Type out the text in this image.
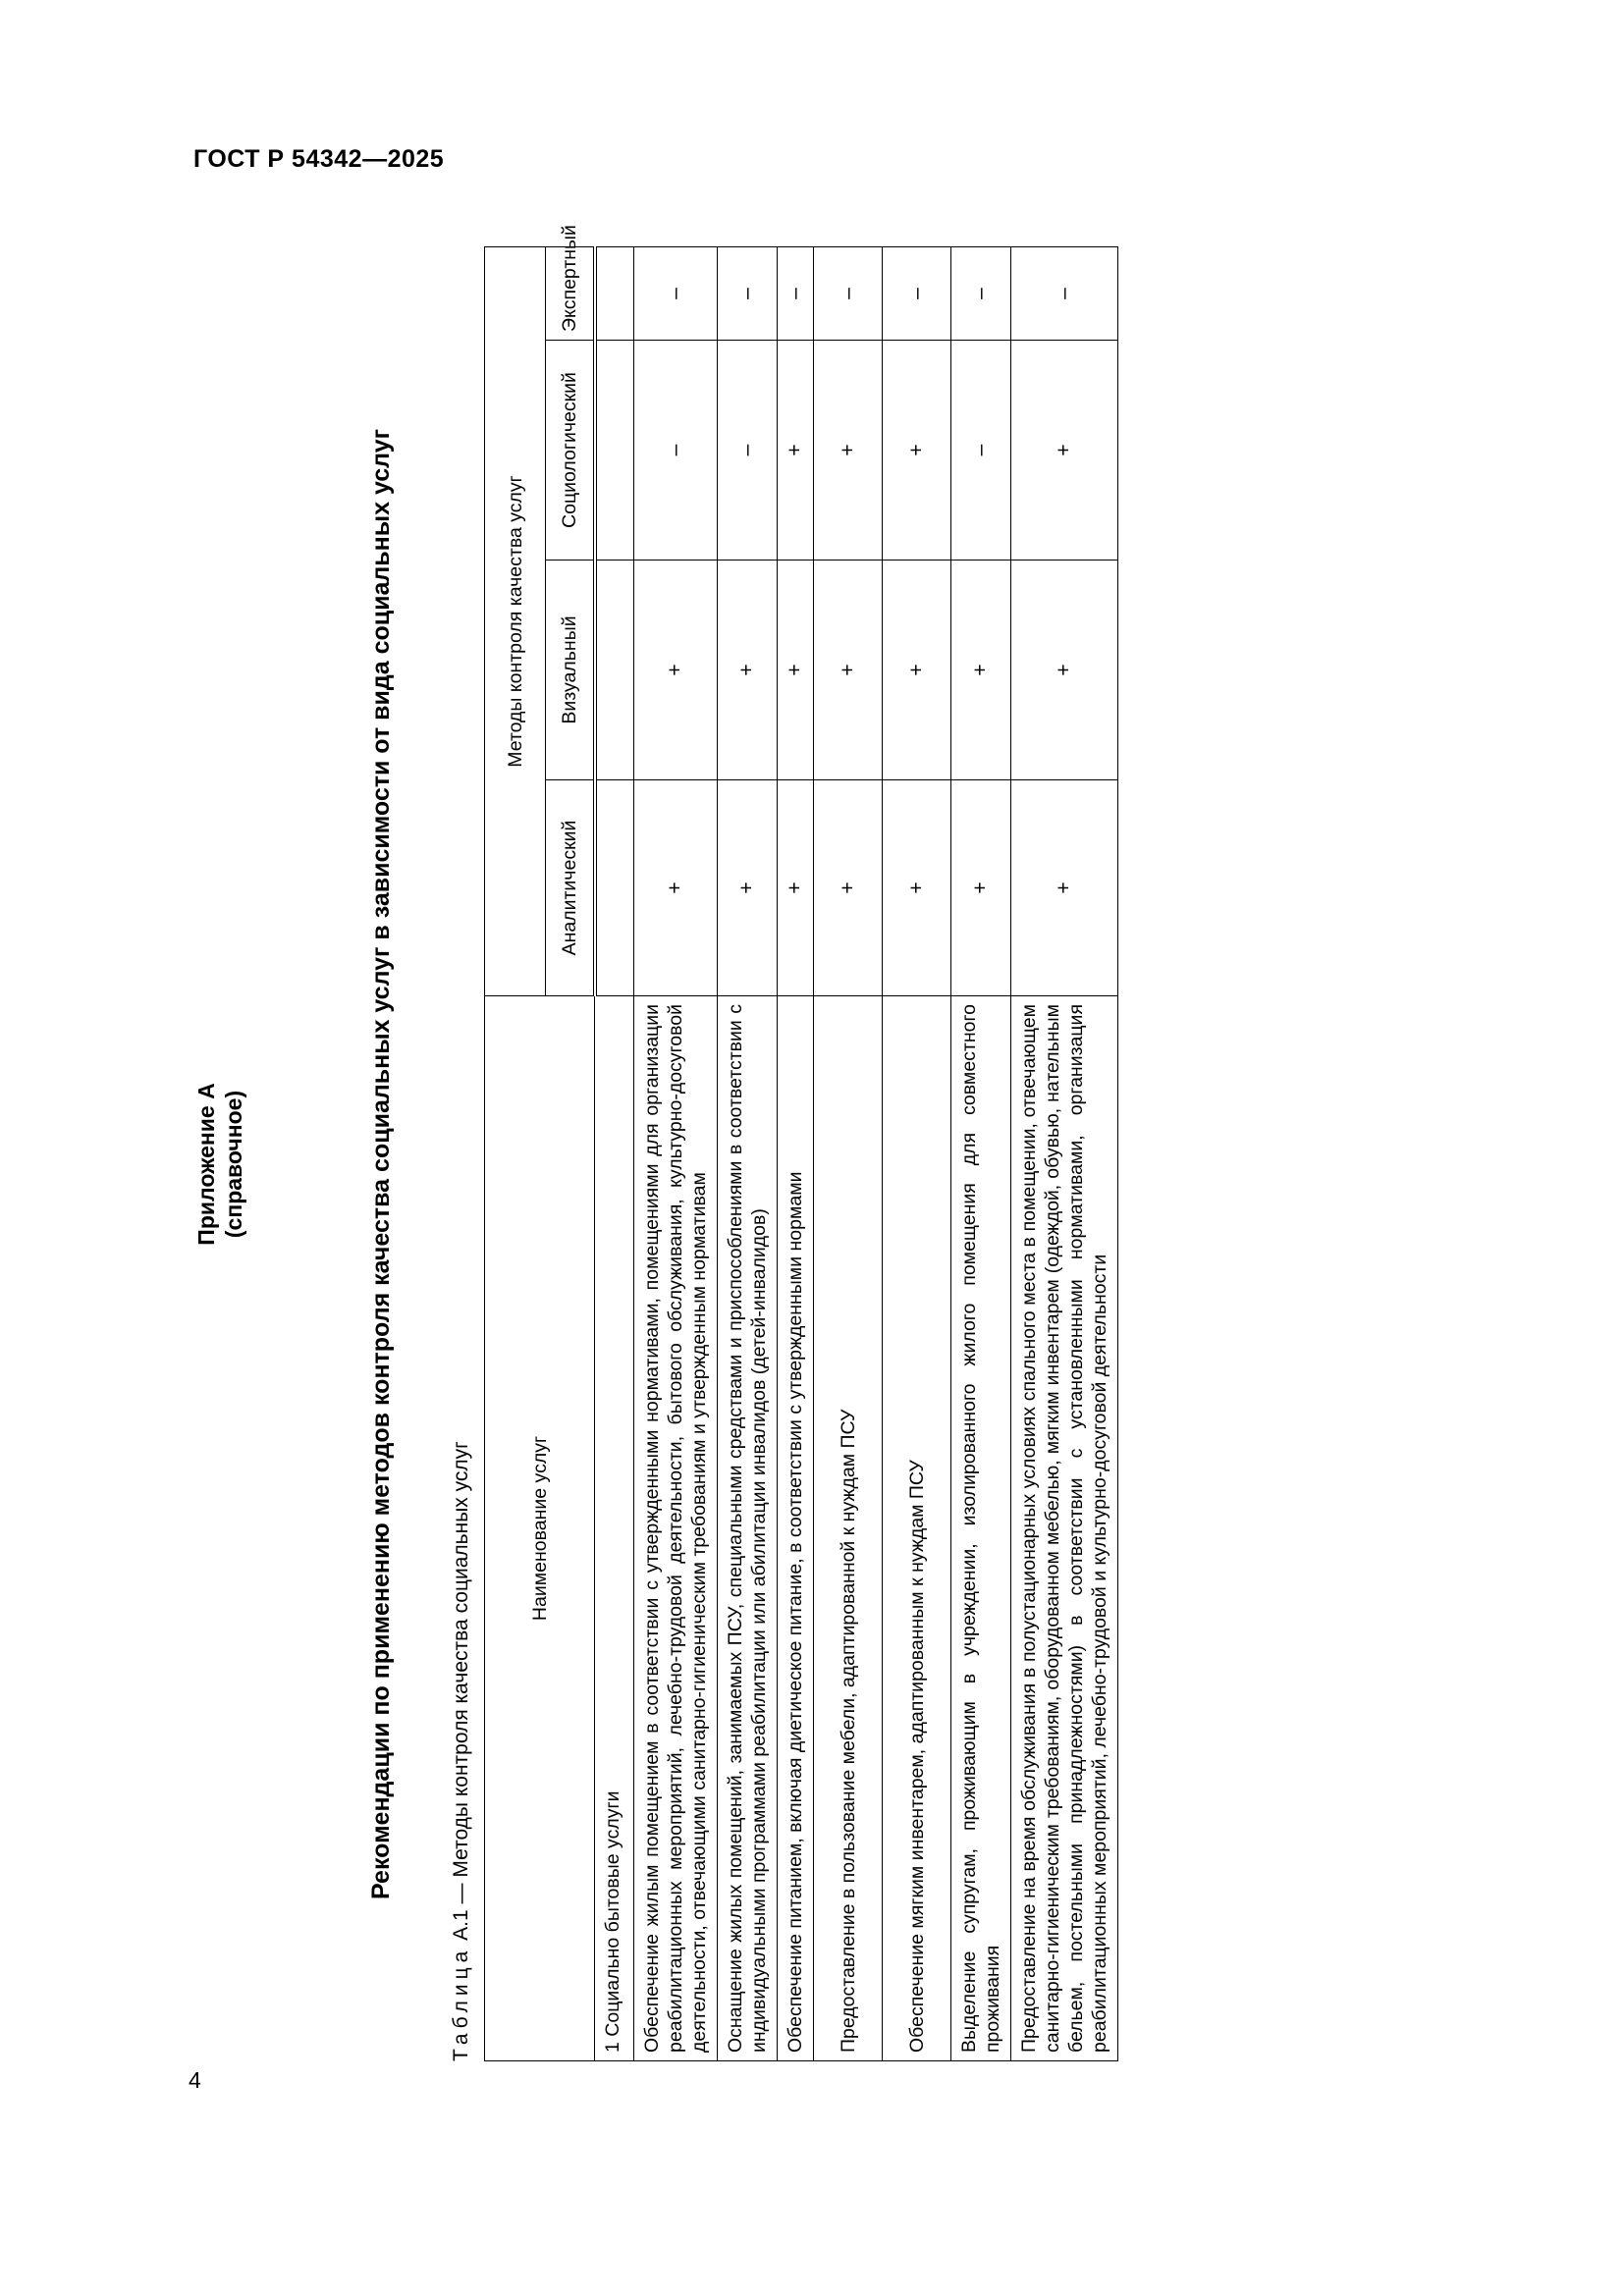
ГОСТ Р 54342—2025
4
Приложение А (справочное)	Рекомендации по применению методов контроля качества социальных услуг в зависимости от вида социальных услуг
Таблица А.1 — Методы контроля качества социальных услуг	Наименование услуг	Методы контроля качества услуг			
	Аналитический	Визуальный	Социологический	Экспертный
1 Социально бытовые услуги				
Обеспечение жилым помещением в соответствии с утвержденными нормативами, помещениями для организации реабилитационных мероприятий, лечебно-трудовой деятельности, бытового обслуживания, культурно-досуговой деятельности, отвечающими санитарно-гигиеническим требованиям и утвержденным нормативам	+	+	–	–
Оснащение жилых помещений, занимаемых ПСУ, специальными средствами и приспособлениями в соответствии с индивидуальными программами реабилитации или абилитации инвалидов (детей-инвалидов)	+	+	–	–
Обеспечение питанием, включая диетическое питание, в соответствии с утвержденными нормами	+	+	+	–
Предоставление в пользование мебели, адаптированной к нуждам ПСУ	+	+	+	–
Обеспечение мягким инвентарем, адаптированным к нуждам ПСУ	+	+	+	–
Выделение супругам, проживающим в учреждении, изолированного жилого помещения для совместного проживания	+	+	–	–
Предоставление на время обслуживания в полустационарных условиях спального места в помещении, отвечающем санитарно-гигиеническим требованиям, оборудованном мебелью, мягким инвентарем (одеждой, обувью, нательным бельем, постельными принадлежностями) в соответствии с установленными нормативами, организация реабилитационных мероприятий, лечебно-трудовой и культурно-досуговой деятельности	+	+	+	–
